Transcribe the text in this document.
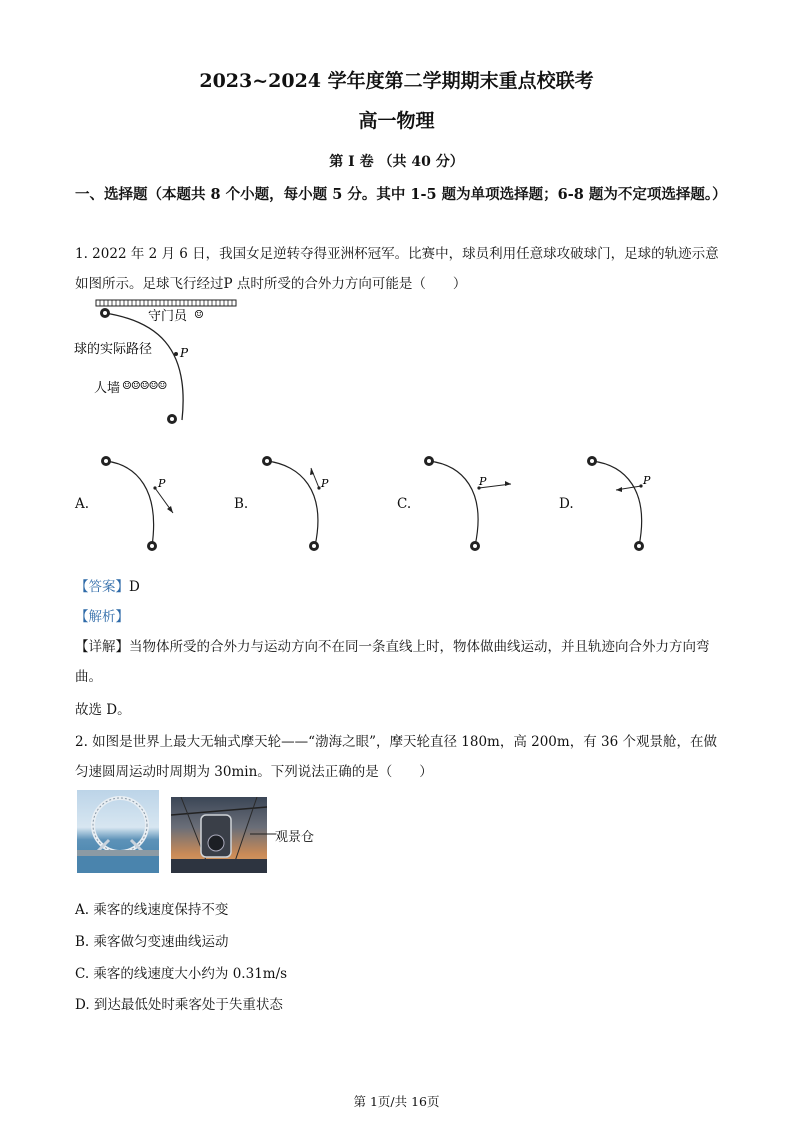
2023~2024 学年度第二学期期末重点校联考
高一物理
第 I 卷 （共 40 分）
一、选择题（本题共 8 个小题，每小题 5 分。其中 1-5 题为单项选择题；6-8 题为不定项选择题。）
1. 2022 年 2 月 6 日，我国女足逆转夺得亚洲杯冠军。比赛中，球员利用任意球攻破球门，足球的轨迹示意如图所示。足球飞行经过P 点时所受的合外力方向可能是（　　）
P
守门员 ☺
球的实际路径
人墙 ☺☺☺☺☺
A.
P
B.
P
C.
P
D.
P
【答案】D
【解析】
【详解】当物体所受的合外力与运动方向不在同一条直线上时，物体做曲线运动，并且轨迹向合外力方向弯曲。
故选 D。
2. 如图是世界上最大无轴式摩天轮——“渤海之眼”，摩天轮直径 180m，高 200m，有 36 个观景舱，在做匀速圆周运动时周期为 30min。下列说法正确的是（　　）
观景仓
A. 乘客的线速度保持不变
B. 乘客做匀变速曲线运动
C. 乘客的线速度大小约为 0.31m/s
D. 到达最低处时乘客处于失重状态
第 1页/共 16页
